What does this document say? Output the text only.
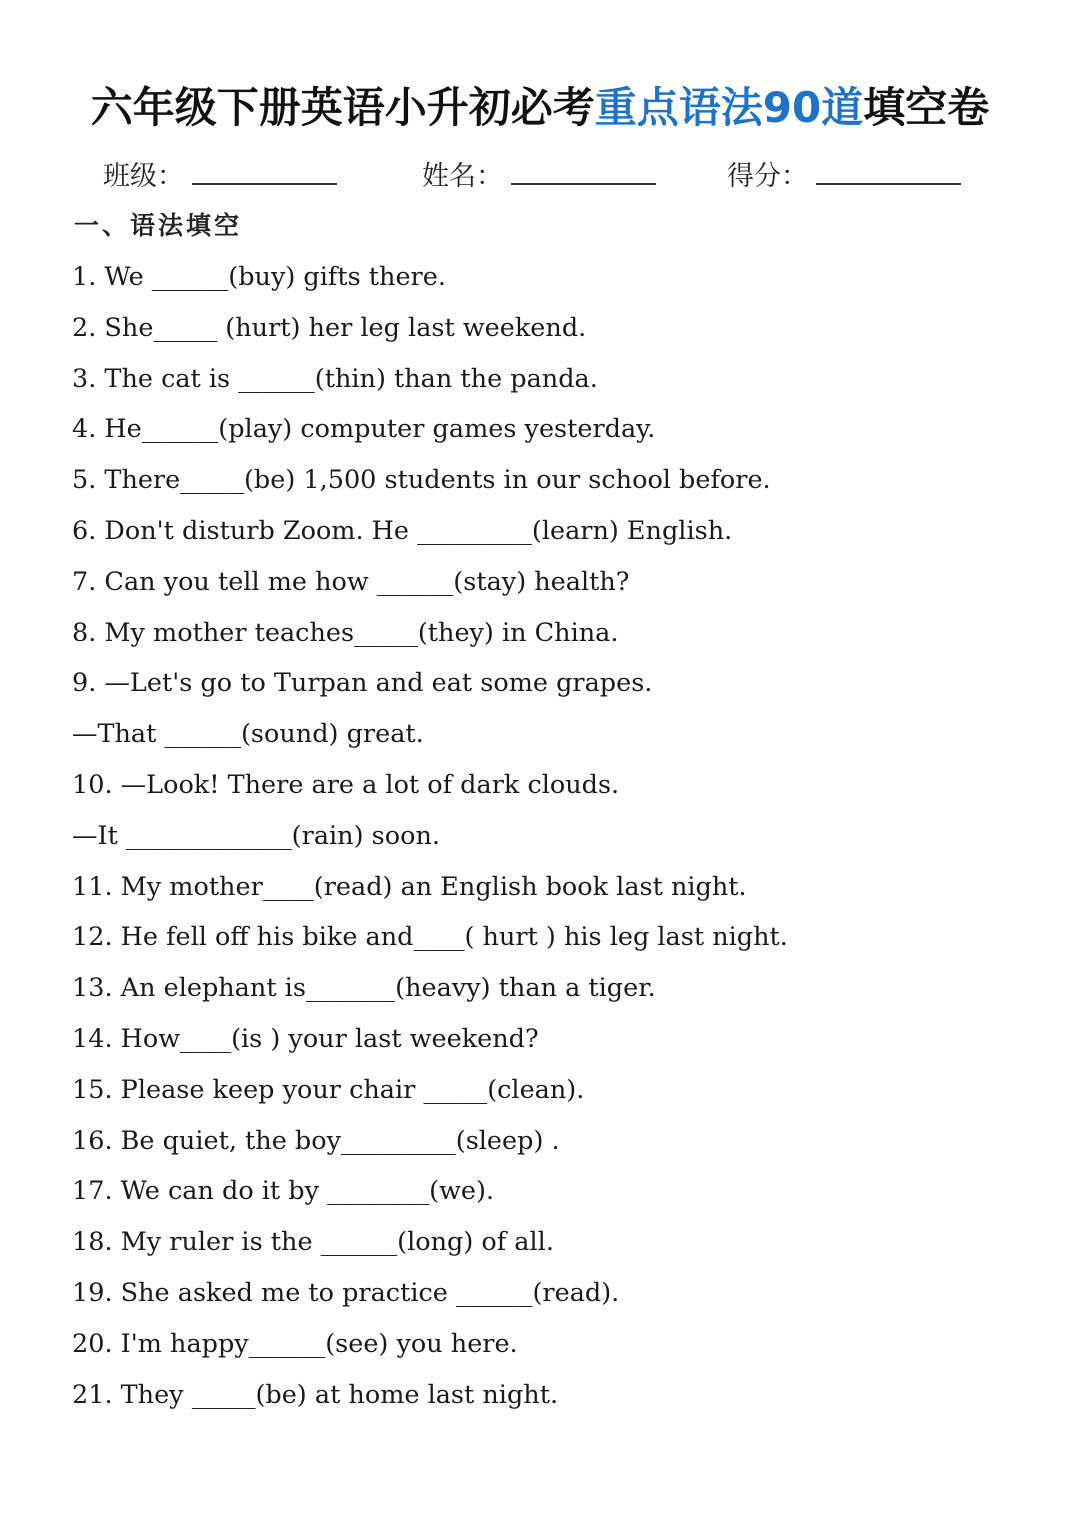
六年级下册英语小升初必考重点语法90道填空卷
班级：	姓名：	得分：
一、语法填空
1. We ______(buy) gifts there.
2. She_____ (hurt) her leg last weekend.
3. The cat is ______(thin) than the panda.
4. He______(play) computer games yesterday.
5. There_____(be) 1,500 students in our school before.
6. Don't disturb Zoom. He _________(learn) English.
7. Can you tell me how ______(stay) health?
8. My mother teaches_____(they) in China.
9. —Let's go to Turpan and eat some grapes.
—That ______(sound) great.
10. —Look! There are a lot of dark clouds.
—It _____________(rain) soon.
11. My mother____(read) an English book last night.
12. He fell off his bike and____( hurt ) his leg last night.
13. An elephant is_______(heavy) than a tiger.
14. How____(is ) your last weekend?
15. Please keep your chair _____(clean).
16. Be quiet, the boy_________(sleep) .
17. We can do it by ________(we).
18. My ruler is the ______(long) of all.
19. She asked me to practice ______(read).
20. I'm happy______(see) you here.
21. They _____(be) at home last night.
